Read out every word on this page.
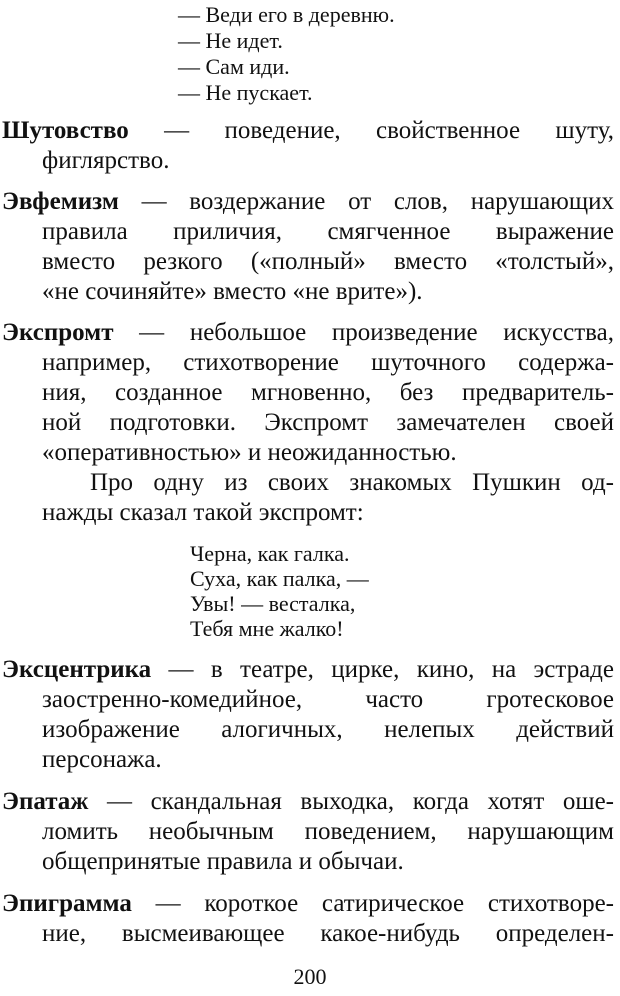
— Веди его в деревню.
— Не идет.
— Сам иди.
— Не пускает.
Шутовство — поведение, свойственное шуту,
фиглярство.
Эвфемизм — воздержание от слов, нарушающих
правила приличия, смягченное выражение
вместо резкого («полный» вместо «толстый»,
«не сочиняйте» вместо «не врите»).
Экспромт — небольшое произведение искусства,
например, стихотворение шуточного содержа-
ния, созданное мгновенно, без предваритель-
ной подготовки. Экспромт замечателен своей
«оперативностью» и неожиданностью.
Про одну из своих знакомых Пушкин од-
нажды сказал такой экспромт:
Черна, как галка.
Суха, как палка, —
Увы! — весталка,
Тебя мне жалко!
Эксцентрика — в театре, цирке, кино, на эстраде
заостренно-комедийное, часто гротесковое
изображение алогичных, нелепых действий
персонажа.
Эпатаж — скандальная выходка, когда хотят оше-
ломить необычным поведением, нарушающим
общепринятые правила и обычаи.
Эпиграмма — короткое сатирическое стихотворе-
ние, высмеивающее какое-нибудь определен-
200
